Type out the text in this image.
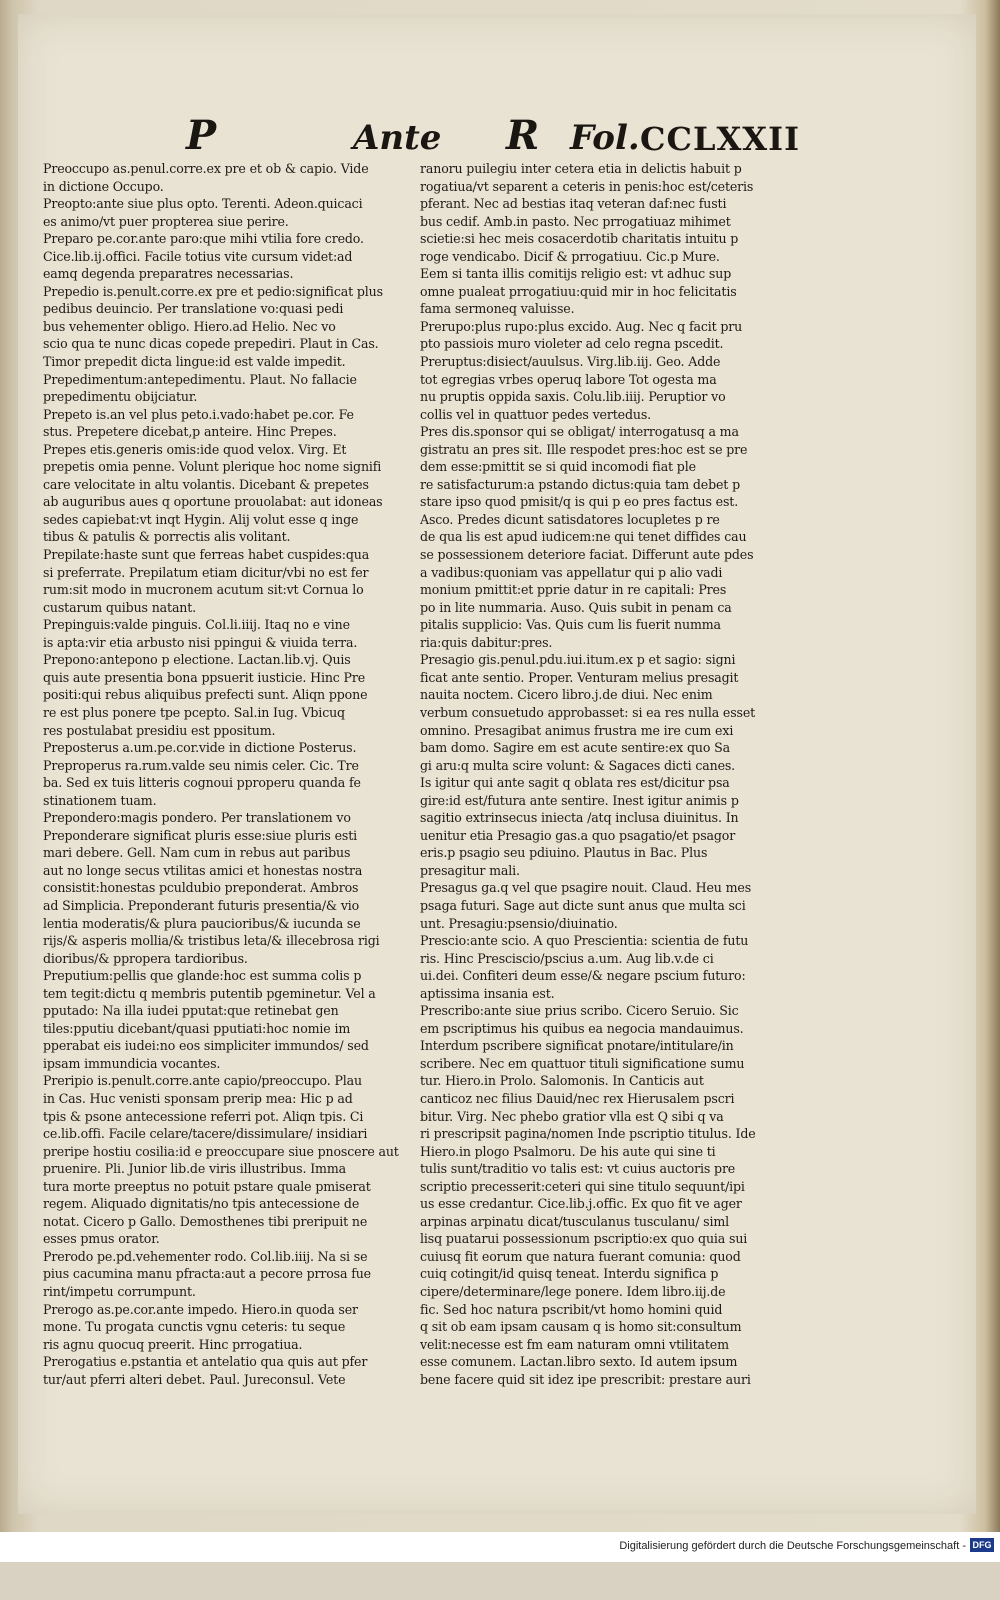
P	Ante R Fol. CCLXXII
Preoccupo as.penul.corre.ex pre et ob & capio. Vide
in dictione Occupo.
Preopto:ante siue plus opto. Terenti. Adeon.quicaci
es animo/vt puer propterea siue perire.
Preparo pe.cor.ante paro:que mihi vtilia fore credo.
Cice.lib.ij.offici. Facile totius vite cursum videt:ad
eamq degenda preparatres necessarias.
Prepedio is.penult.corre.ex pre et pedio:significat plus
pedibus deuincio. Per translatione vo:quasi pedi
bus vehementer obligo. Hiero.ad Helio. Nec vo
scio qua te nunc dicas copede prepediri. Plaut in Cas.
Timor prepedit dicta lingue:id est valde impedit.
Prepedimentum:antepedimentu. Plaut. No fallacie
prepedimentu obijciatur.
Prepeto is.an vel plus peto.i.vado:habet pe.cor. Fe
stus. Prepetere dicebat,p anteire. Hinc Prepes.
Prepes etis.generis omis:ide quod velox. Virg. Et
prepetis omia penne. Volunt plerique hoc nome signifi
care velocitate in altu volantis. Dicebant & prepetes
ab auguribus aues q oportune prouolabat: aut idoneas
sedes capiebat:vt inqt Hygin. Alij volut esse q inge
tibus & patulis & porrectis alis volitant.
Prepilate:haste sunt que ferreas habet cuspides:qua
si preferrate. Prepilatum etiam dicitur/vbi no est fer
rum:sit modo in mucronem acutum sit:vt Cornua lo
custarum quibus natant.
Prepinguis:valde pinguis. Col.li.iiij. Itaq no e vine
is apta:vir etia arbusto nisi ppingui & viuida terra.
Prepono:antepono p electione. Lactan.lib.vj. Quis
quis aute presentia bona ppsuerit iusticie. Hinc Pre
positi:qui rebus aliquibus prefecti sunt. Aliqn ppone
re est plus ponere tpe pcepto. Sal.in Iug. Vbicuq
res postulabat presidiu est ppositum.
Preposterus a.um.pe.cor.vide in dictione Posterus.
Preproperus ra.rum.valde seu nimis celer. Cic. Tre
ba. Sed ex tuis litteris cognoui pproperu quanda fe
stinationem tuam.
Prepondero:magis pondero. Per translationem vo
Preponderare significat pluris esse:siue pluris esti
mari debere. Gell. Nam cum in rebus aut paribus
aut no longe secus vtilitas amici et honestas nostra
consistit:honestas pculdubio preponderat. Ambros
ad Simplicia. Preponderant futuris presentia/& vio
lentia moderatis/& plura paucioribus/& iucunda se
rijs/& asperis mollia/& tristibus leta/& illecebrosa rigi
dioribus/& ppropera tardioribus.
Preputium:pellis que glande:hoc est summa colis p
tem tegit:dictu q membris putentib pgeminetur. Vel a
pputado: Na illa iudei pputat:que retinebat gen
tiles:pputiu dicebant/quasi pputiati:hoc nomie im
pperabat eis iudei:no eos simpliciter immundos/ sed
ipsam immundicia vocantes.
Preripio is.penult.corre.ante capio/preoccupo. Plau
in Cas. Huc venisti sponsam prerip mea: Hic p ad
tpis & psone antecessione referri pot. Aliqn tpis. Ci
ce.lib.offi. Facile celare/tacere/dissimulare/ insidiari
preripe hostiu cosilia:id e preoccupare siue pnoscere aut
pruenire. Pli. Junior lib.de viris illustribus. Imma
tura morte preeptus no potuit pstare quale pmiserat
regem. Aliquado dignitatis/no tpis antecessione de
notat. Cicero p Gallo. Demosthenes tibi preripuit ne
esses pmus orator.
Prerodo pe.pd.vehementer rodo. Col.lib.iiij. Na si se
pius cacumina manu pfracta:aut a pecore prrosa fue
rint/impetu corrumpunt.
Prerogo as.pe.cor.ante impedo. Hiero.in quoda ser
mone. Tu progata cunctis vgnu ceteris: tu seque
ris agnu quocuq preerit. Hinc prrogatiua.
Prerogatius e.pstantia et antelatio qua quis aut pfer
tur/aut pferri alteri debet. Paul. Jureconsul. Vete
ranoru puilegiu inter cetera etia in delictis habuit p
rogatiua/vt separent a ceteris in penis:hoc est/ceteris
pferant. Nec ad bestias itaq veteran daf:nec fusti
bus cedif. Amb.in pasto. Nec prrogatiuaz mihimet
scietie:si hec meis cosacerdotib charitatis intuitu p
roge vendicabo. Dicif & prrogatiuu. Cic.p Mure.
Eem si tanta illis comitijs religio est: vt adhuc sup
omne pualeat prrogatiuu:quid mir in hoc felicitatis
fama sermoneq valuisse.
Prerupo:plus rupo:plus excido. Aug. Nec q facit pru
pto passiois muro violeter ad celo regna pscedit.
Preruptus:disiect/auulsus. Virg.lib.iij. Geo. Adde
tot egregias vrbes operuq labore Tot ogesta ma
nu pruptis oppida saxis. Colu.lib.iiij. Peruptior vo
collis vel in quattuor pedes vertedus.
Pres dis.sponsor qui se obligat/ interrogatusq a ma
gistratu an pres sit. Ille respodet pres:hoc est se pre
dem esse:pmittit se si quid incomodi fiat ple
re satisfacturum:a pstando dictus:quia tam debet p
stare ipso quod pmisit/q is qui p eo pres factus est.
Asco. Predes dicunt satisdatores locupletes p re
de qua lis est apud iudicem:ne qui tenet diffides cau
se possessionem deteriore faciat. Differunt aute pdes
a vadibus:quoniam vas appellatur qui p alio vadi
monium pmittit:et pprie datur in re capitali: Pres
po in lite nummaria. Auso. Quis subit in penam ca
pitalis supplicio: Vas. Quis cum lis fuerit numma
ria:quis dabitur:pres.
Presagio gis.penul.pdu.iui.itum.ex p et sagio: signi
ficat ante sentio. Proper. Venturam melius presagit
nauita noctem. Cicero libro.j.de diui. Nec enim
verbum consuetudo approbasset: si ea res nulla esset
omnino. Presagibat animus frustra me ire cum exi
bam domo. Sagire em est acute sentire:ex quo Sa
gi aru:q multa scire volunt: & Sagaces dicti canes.
Is igitur qui ante sagit q oblata res est/dicitur psa
gire:id est/futura ante sentire. Inest igitur animis p
sagitio extrinsecus iniecta /atq inclusa diuinitus. In
uenitur etia Presagio gas.a quo psagatio/et psagor
eris.p psagio seu pdiuino. Plautus in Bac. Plus
presagitur mali.
Presagus ga.q vel que psagire nouit. Claud. Heu mes
psaga futuri. Sage aut dicte sunt anus que multa sci
unt. Presagiu:psensio/diuinatio.
Prescio:ante scio. A quo Prescientia: scientia de futu
ris. Hinc Presciscio/pscius a.um. Aug lib.v.de ci
ui.dei. Confiteri deum esse/& negare pscium futuro:
aptissima insania est.
Prescribo:ante siue prius scribo. Cicero Seruio. Sic
em pscriptimus his quibus ea negocia mandauimus.
Interdum pscribere significat pnotare/intitulare/in
scribere. Nec em quattuor tituli significatione sumu
tur. Hiero.in Prolo. Salomonis. In Canticis aut
canticoz nec filius Dauid/nec rex Hierusalem pscri
bitur. Virg. Nec phebo gratior vlla est Q sibi q va
ri prescripsit pagina/nomen Inde pscriptio titulus. Ide
Hiero.in plogo Psalmoru. De his aute qui sine ti
tulis sunt/traditio vo talis est: vt cuius auctoris pre
scriptio precesserit:ceteri qui sine titulo sequunt/ipi
us esse credantur. Cice.lib.j.offic. Ex quo fit ve ager
arpinas arpinatu dicat/tusculanus tusculanu/ siml
lisq puatarui possessionum pscriptio:ex quo quia sui
cuiusq fit eorum que natura fuerant comunia: quod
cuiq cotingit/id quisq teneat. Interdu significa p
cipere/determinare/lege ponere. Idem libro.iij.de
fic. Sed hoc natura pscribit/vt homo homini quid
q sit ob eam ipsam causam q is homo sit:consultum
velit:necesse est fm eam naturam omni vtilitatem
esse comunem. Lactan.libro sexto. Id autem ipsum
bene facere quid sit idez ipe prescribit: prestare auri
Digitalisierung gefördert durch die Deutsche Forschungsgemeinschaft - DFG
